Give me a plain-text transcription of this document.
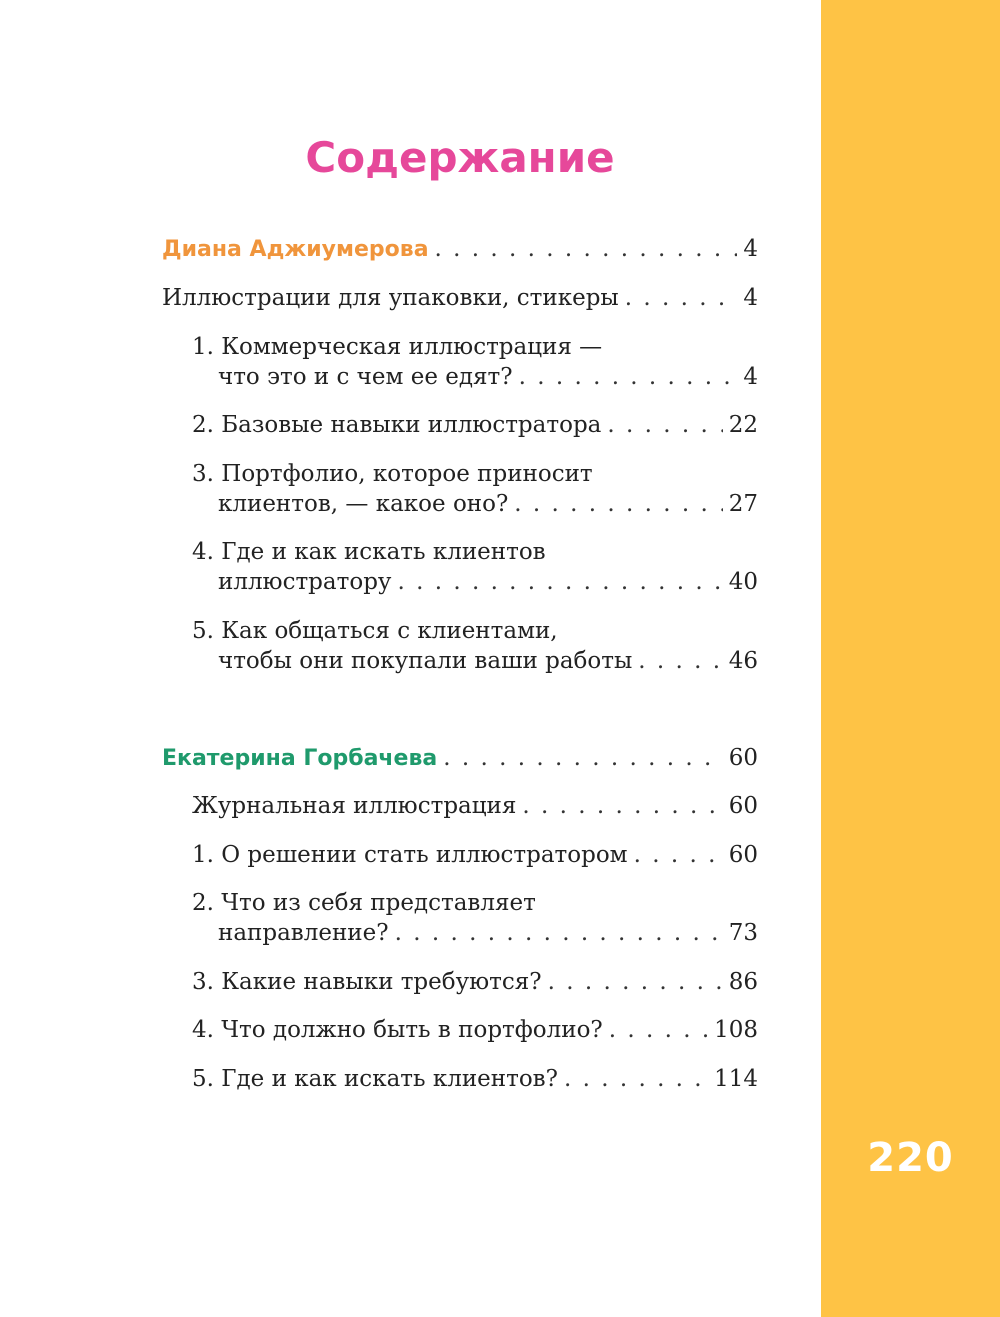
220
Содержание
Диана Аджиумерова . . .	4
Иллюстрации для упаковки, стикеры . . .	4
1. Коммерческая иллюстрация —
что это и с чем ее едят? . . .	4
2. Базовые навыки иллюстратора . . .	22
3. Портфолио, которое приносит
клиентов, — какое оно? . . .	27
4. Где и как искать клиентов
иллюстратору . . .	40
5. Как общаться с клиентами,
чтобы они покупали ваши работы . . .	46
Екатерина Горбачева . . .	60
Журнальная иллюстрация . . .	60
1. О решении стать иллюстратором . . .	60
2. Что из себя представляет
направление? . . .	73
3. Какие навыки требуются? . . .	86
4. Что должно быть в портфолио? . . .	108
5. Где и как искать клиентов? . . .	114
